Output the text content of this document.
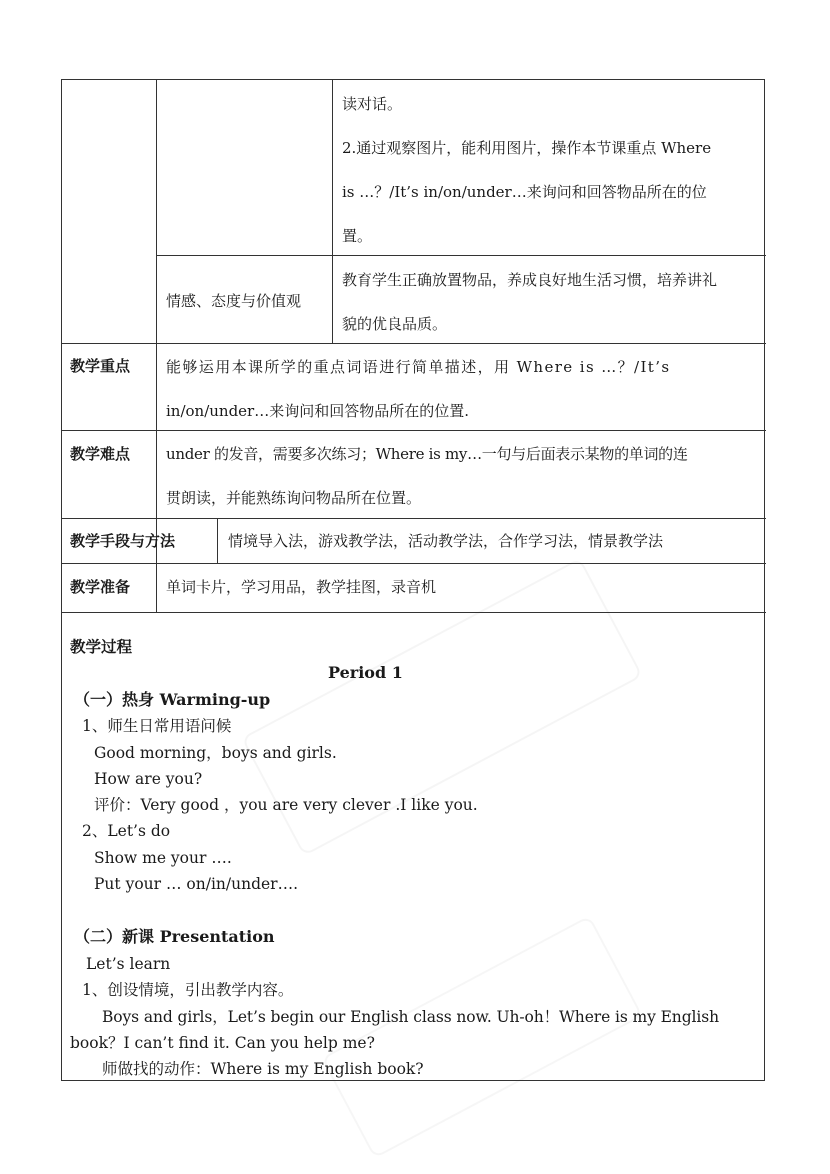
读对话。

2.通过观察图片，能利用图片，操作本节课重点 Where

is …？/It’s in/on/under…来询问和回答物品所在的位

置。

情感、态度与价值观

教育学生正确放置物品，养成良好地生活习惯，培养讲礼

貌的优良品质。

教学重点 能够运用本课所学的重点词语进行简单描述，用 Where is …？/It’s

in/on/under…来询问和回答物品所在的位置.

教学难点 under 的发音，需要多次练习；Where is my…一句与后面表示某物的单词的连

贯朗读，并能熟练询问物品所在位置。

教学手段与方法	情境导入法，游戏教学法，活动教学法，合作学习法，情景教学法

教学准备 单词卡片，学习用品，教学挂图，录音机

教学过程
Period 1
（一）热身 Warming-up
1、师生日常用语问候
Good morning，boys and girls.
How are you?
评价：Very good ，you are very clever .I like you.
2、Let’s do
Show me your ….
Put your … on/in/under….
（二）新课 Presentation
Let’s learn
1、创设情境，引出教学内容。
Boys and girls，Let’s begin our English class now. Uh-oh！Where is my English
book？I can’t find it. Can you help me?
师做找的动作：Where is my English book?
